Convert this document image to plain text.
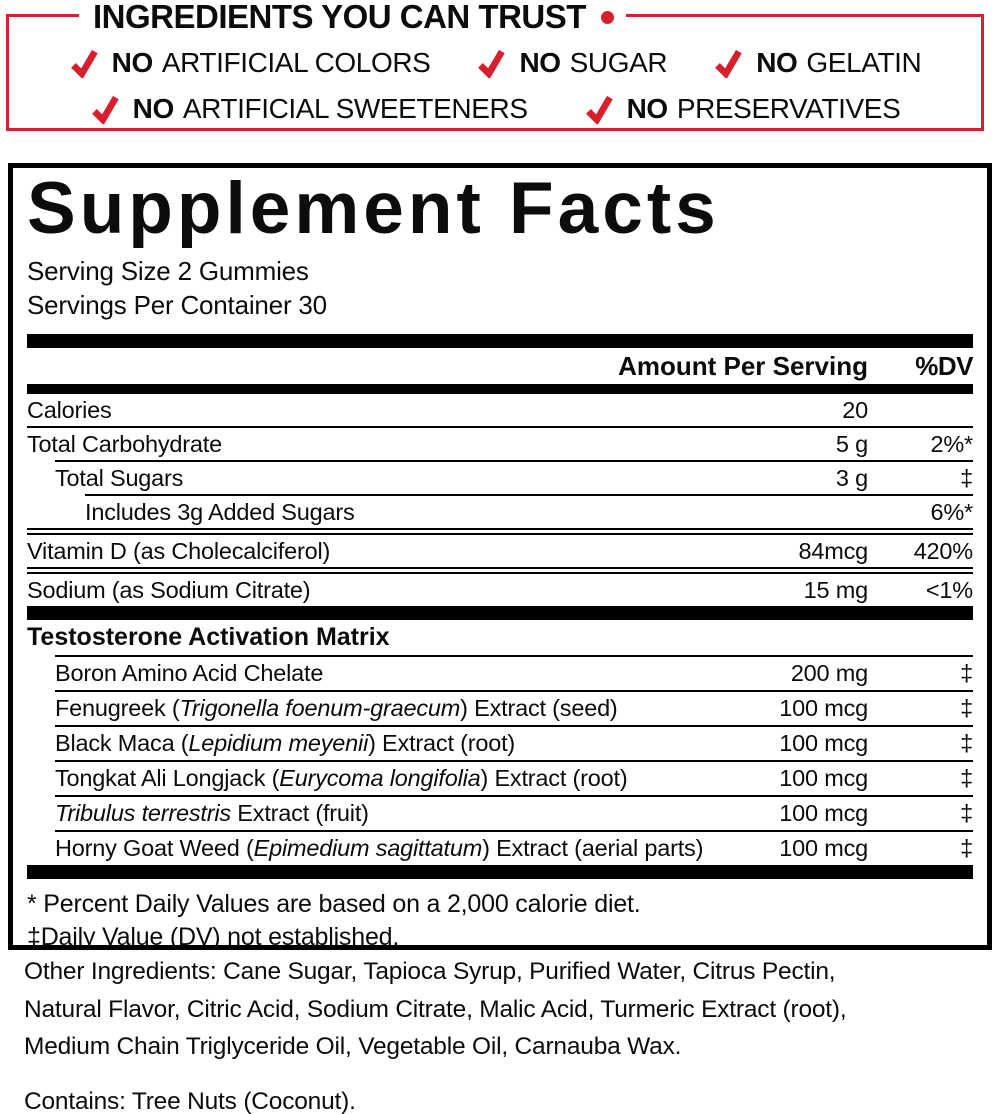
INGREDIENTS YOU CAN TRUST
NO ARTIFICIAL COLORS	NO SUGAR	NO GELATIN
NO ARTIFICIAL SWEETENERS	NO PRESERVATIVES
Supplement Facts
Serving Size 2 Gummies
Servings Per Container 30
Amount Per Serving	%DV
Calories	20
Total Carbohydrate	5 g	2%*
Total Sugars	3 g	‡
Includes 3g Added Sugars	6%*
Vitamin D (as Cholecalciferol)	84mcg	420%
Sodium (as Sodium Citrate)	15 mg	<1%
Testosterone Activation Matrix
Boron Amino Acid Chelate	200 mg	‡
Fenugreek (Trigonella foenum-graecum) Extract (seed)	100 mcg	‡
Black Maca (Lepidium meyenii) Extract (root)	100 mcg	‡
Tongkat Ali Longjack (Eurycoma longifolia) Extract (root)	100 mcg	‡
Tribulus terrestris Extract (fruit)	100 mcg	‡
Horny Goat Weed (Epimedium sagittatum) Extract (aerial parts)	100 mcg	‡
* Percent Daily Values are based on a 2,000 calorie diet.
‡Daily Value (DV) not established.
Other Ingredients: Cane Sugar, Tapioca Syrup, Purified Water, Citrus Pectin,
Natural Flavor, Citric Acid, Sodium Citrate, Malic Acid, Turmeric Extract (root),
Medium Chain Triglyceride Oil, Vegetable Oil, Carnauba Wax.
Contains: Tree Nuts (Coconut).
